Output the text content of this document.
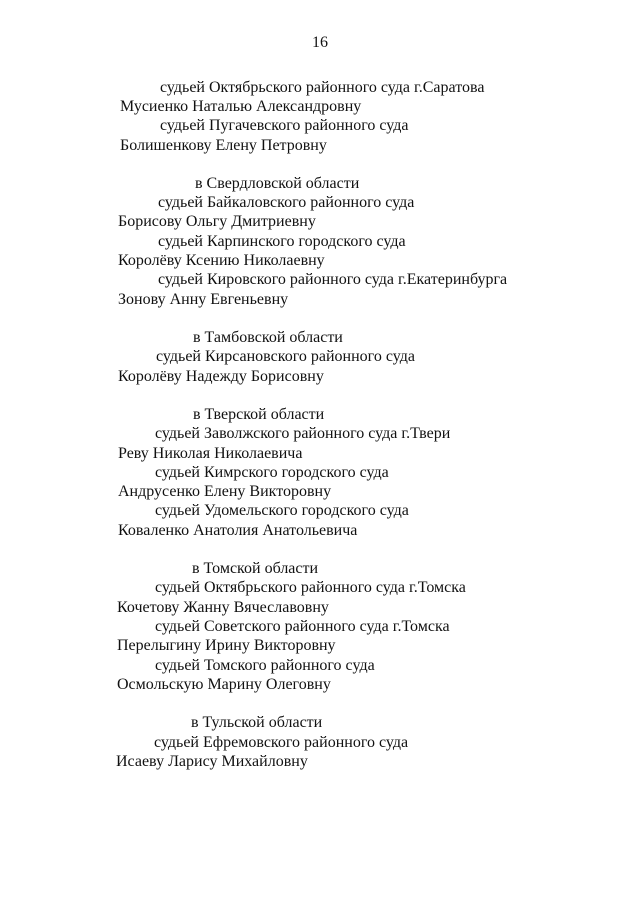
16
судьей Октябрьского районного суда г.Саратова
Мусиенко Наталью Александровну
судьей Пугачевского районного суда
Болишенкову Елену Петровну
в Свердловской области
судьей Байкаловского районного суда
Борисову Ольгу Дмитриевну
судьей Карпинского городского суда
Королёву Ксению Николаевну
судьей Кировского районного суда г.Екатеринбурга
Зонову Анну Евгеньевну
в Тамбовской области
судьей Кирсановского районного суда
Королёву Надежду Борисовну
в Тверской области
судьей Заволжского районного суда г.Твери
Реву Николая Николаевича
судьей Кимрского городского суда
Андрусенко Елену Викторовну
судьей Удомельского городского суда
Коваленко Анатолия Анатольевича
в Томской области
судьей Октябрьского районного суда г.Томска
Кочетову Жанну Вячеславовну
судьей Советского районного суда г.Томска
Перелыгину Ирину Викторовну
судьей Томского районного суда
Осмольскую Марину Олеговну
в Тульской области
судьей Ефремовского районного суда
Исаеву Ларису Михайловну
